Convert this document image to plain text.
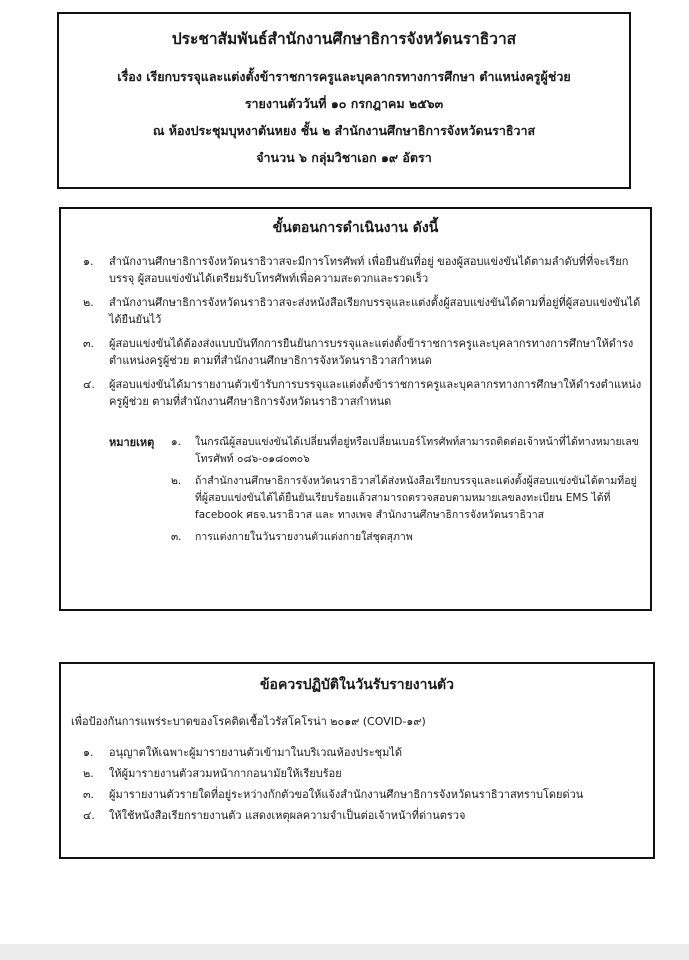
ประชาสัมพันธ์สำนักงานศึกษาธิการจังหวัดนราธิวาส
เรื่อง เรียกบรรจุและแต่งตั้งข้าราชการครูและบุคลากรทางการศึกษา ตำแหน่งครูผู้ช่วย
รายงานตัววันที่ ๑๐ กรกฎาคม ๒๕๖๓
ณ ห้องประชุมบุหงาตันหยง ชั้น ๒ สำนักงานศึกษาธิการจังหวัดนราธิวาส
จำนวน ๖ กลุ่มวิชาเอก ๑๙ อัตรา
ขั้นตอนการดำเนินงาน ดังนี้
๑.	สำนักงานศึกษาธิการจังหวัดนราธิวาสจะมีการโทรศัพท์ เพื่อยืนยันที่อยู่ ของผู้สอบแข่งขันได้ตามลำดับที่ที่จะเรียกบรรจุ ผู้สอบแข่งขันได้เตรียมรับโทรศัพท์เพื่อความสะดวกและรวดเร็ว
๒.	สำนักงานศึกษาธิการจังหวัดนราธิวาสจะส่งหนังสือเรียกบรรจุและแต่งตั้งผู้สอบแข่งขันได้ตามที่อยู่ที่ผู้สอบแข่งขันได้ได้ยืนยันไว้
๓.	ผู้สอบแข่งขันได้ต้องส่งแบบบันทึกการยืนยันการบรรจุและแต่งตั้งข้าราชการครูและบุคลากรทางการศึกษาให้ดำรงตำแหน่งครูผู้ช่วย ตามที่สำนักงานศึกษาธิการจังหวัดนราธิวาสกำหนด
๔.	ผู้สอบแข่งขันได้มารายงานตัวเข้ารับการบรรจุและแต่งตั้งข้าราชการครูและบุคลากรทางการศึกษาให้ดำรงตำแหน่งครูผู้ช่วย ตามที่สำนักงานศึกษาธิการจังหวัดนราธิวาสกำหนด
หมายเหตุ	๑.	ในกรณีผู้สอบแข่งขันได้เปลี่ยนที่อยู่หรือเปลี่ยนเบอร์โทรศัพท์สามารถติดต่อเจ้าหน้าที่ได้ทางหมายเลขโทรศัพท์ ๐๘๖-๐๑๘๐๓๐๖
๒.	ถ้าสำนักงานศึกษาธิการจังหวัดนราธิวาสได้ส่งหนังสือเรียกบรรจุและแต่งตั้งผู้สอบแข่งขันได้ตามที่อยู่ที่ผู้สอบแข่งขันได้ได้ยืนยันเรียบร้อยแล้วสามารถตรวจสอบตามหมายเลขลงทะเบียน EMS ได้ที่ facebook ศธจ.นราธิวาส และ ทางเพจ สำนักงานศึกษาธิการจังหวัดนราธิวาส
๓.	การแต่งกายในวันรายงานตัวแต่งกายใส่ชุดสุภาพ
ข้อควรปฏิบัติในวันรับรายงานตัว
เพื่อป้องกันการแพร่ระบาดของโรคติดเชื้อไวรัสโคโรน่า ๒๐๑๙ (COVID-๑๙)
๑.	อนุญาตให้เฉพาะผู้มารายงานตัวเข้ามาในบริเวณห้องประชุมได้
๒.	ให้ผู้มารายงานตัวสวมหน้ากากอนามัยให้เรียบร้อย
๓.	ผู้มารายงานตัวรายใดที่อยู่ระหว่างกักตัวขอให้แจ้งสำนักงานศึกษาธิการจังหวัดนราธิวาสทราบโดยด่วน
๔.	ให้ใช้หนังสือเรียกรายงานตัว แสดงเหตุผลความจำเป็นต่อเจ้าหน้าที่ด่านตรวจ
